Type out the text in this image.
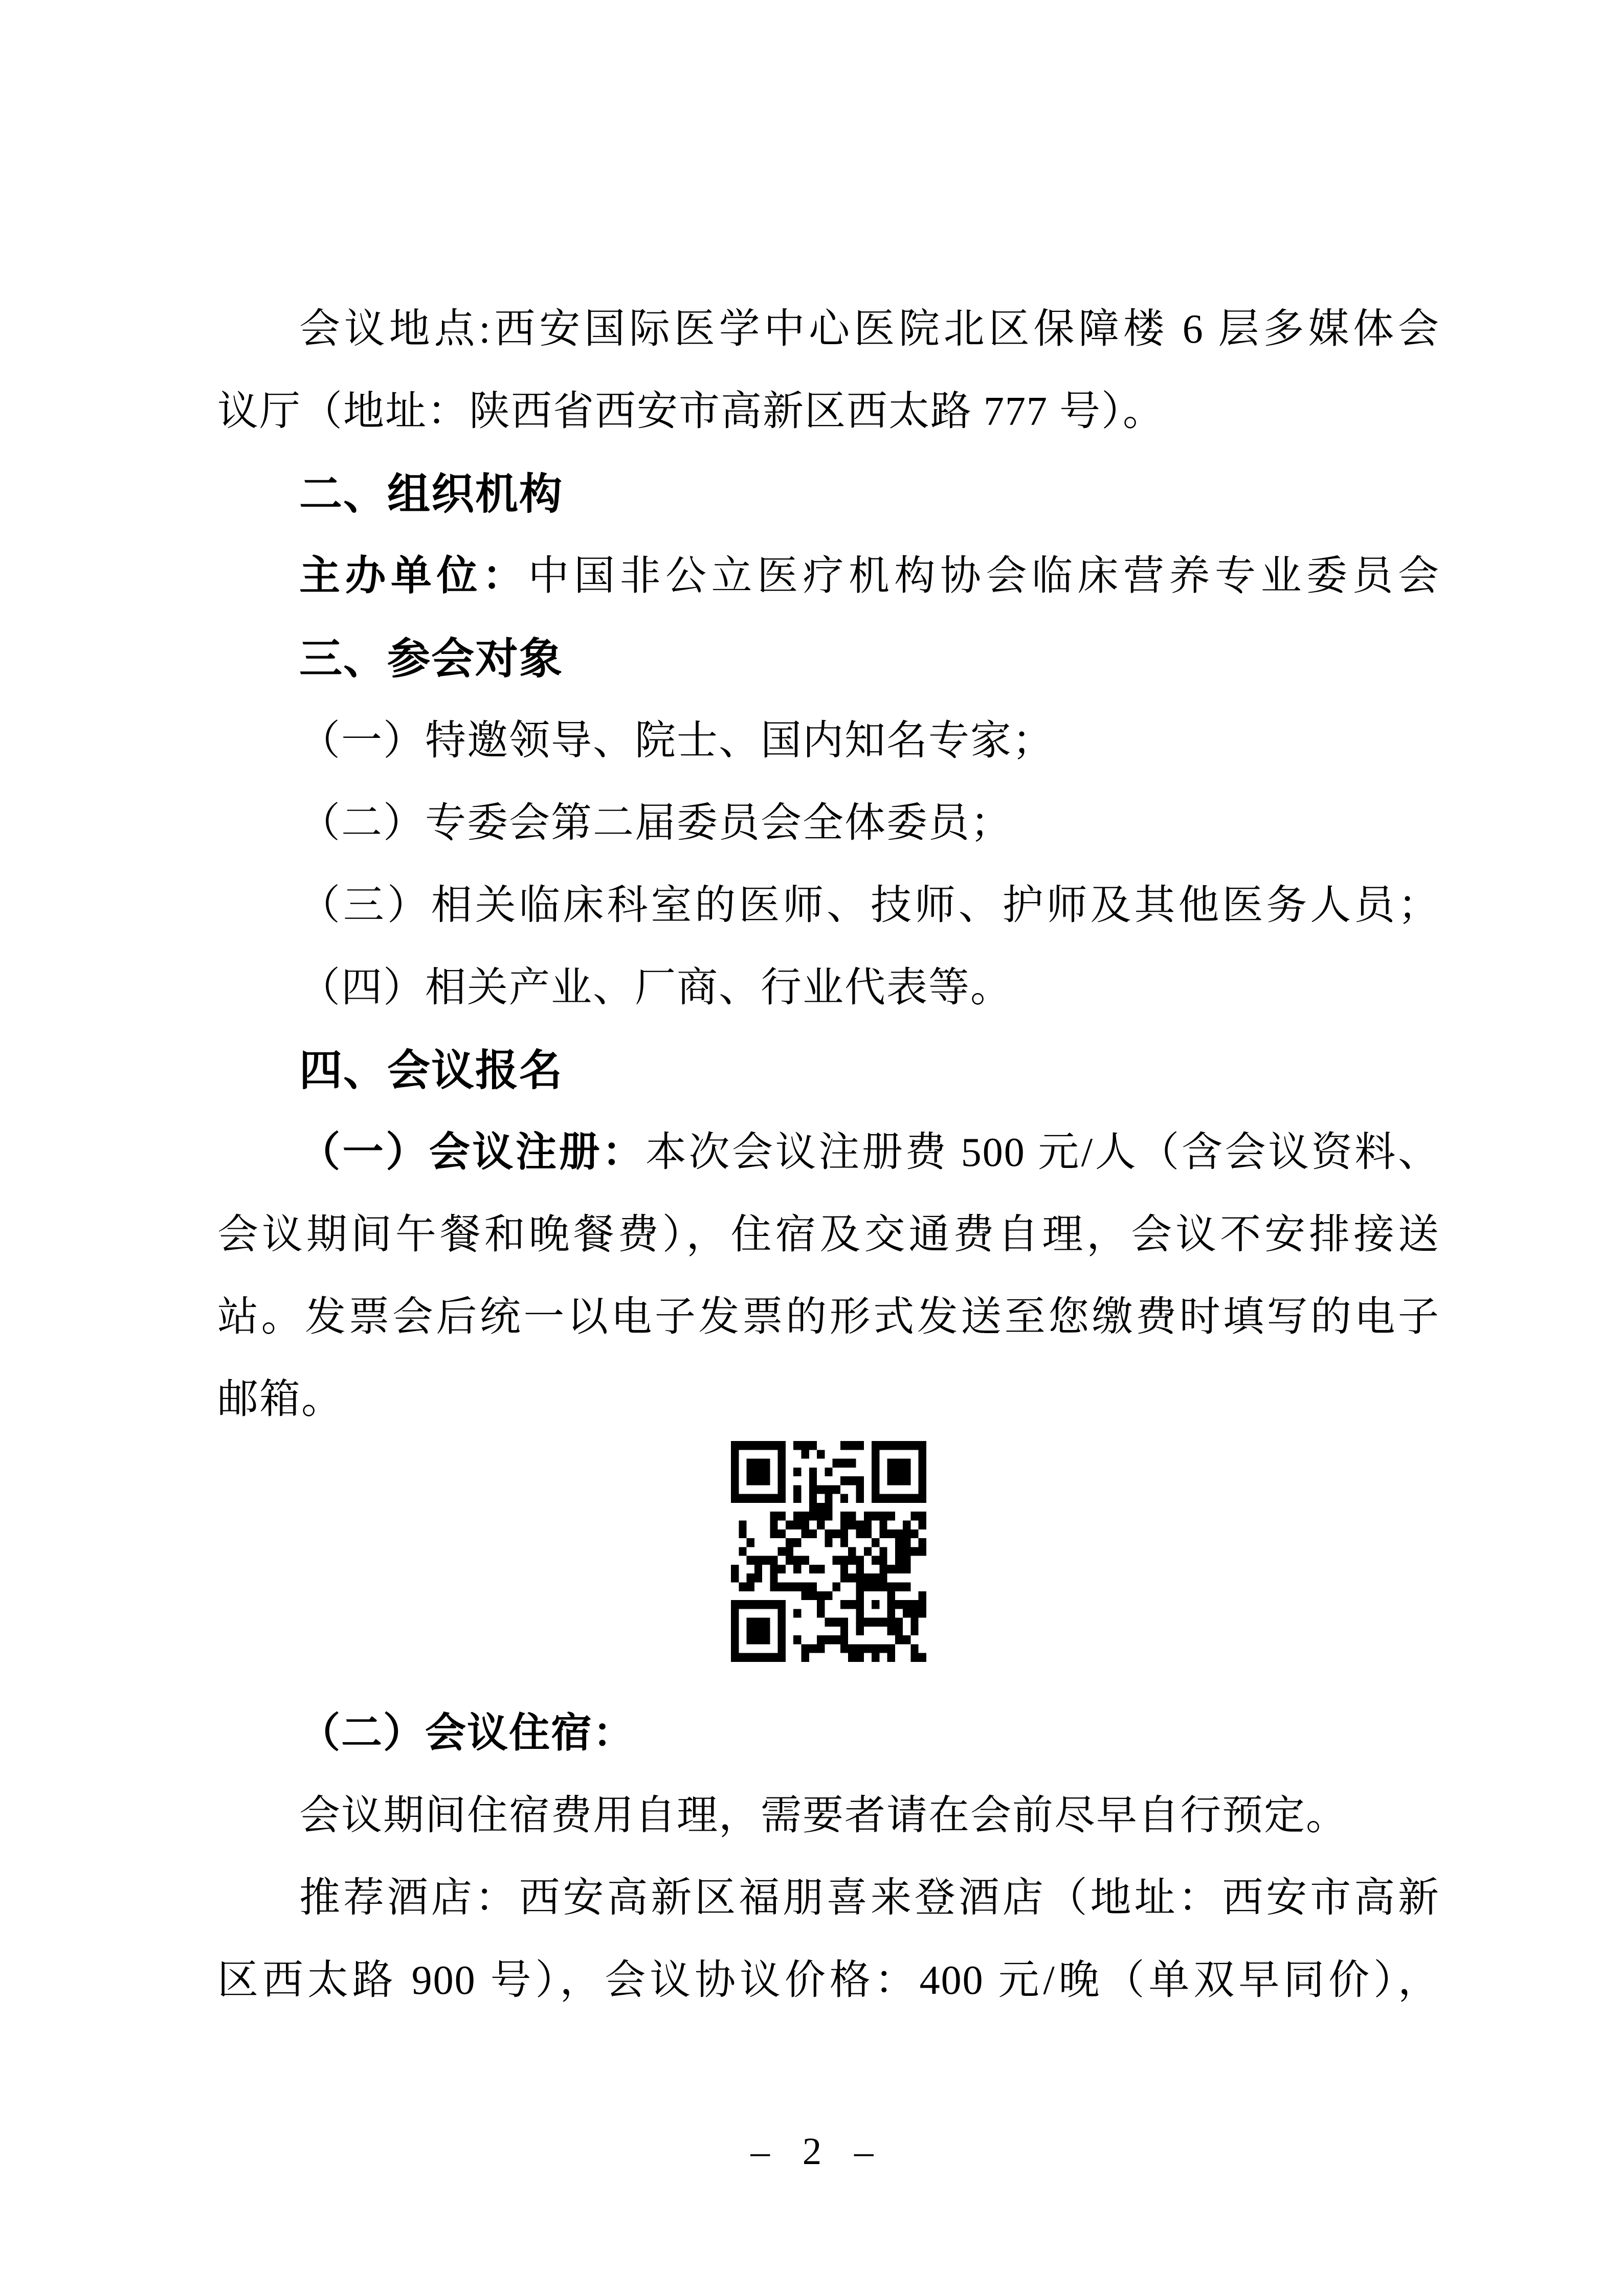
会议地点:西安国际医学中心医院北区保障楼 6 层多媒体会
议厅（地址：陕西省西安市高新区西太路 777 号）。
二、组织机构
主办单位：中国非公立医疗机构协会临床营养专业委员会
三、参会对象
（一）特邀领导、院士、国内知名专家；
（二）专委会第二届委员会全体委员；
（三）相关临床科室的医师、技师、护师及其他医务人员；
（四）相关产业、厂商、行业代表等。
四、会议报名
（一）会议注册：本次会议注册费 500 元/人（含会议资料、
会议期间午餐和晚餐费），住宿及交通费自理，会议不安排接送
站。发票会后统一以电子发票的形式发送至您缴费时填写的电子
邮箱。
（二）会议住宿：
会议期间住宿费用自理，需要者请在会前尽早自行预定。
推荐酒店：西安高新区福朋喜来登酒店（地址：西安市高新
区西太路 900 号），会议协议价格：400 元/晚（单双早同价），
– 2 –
